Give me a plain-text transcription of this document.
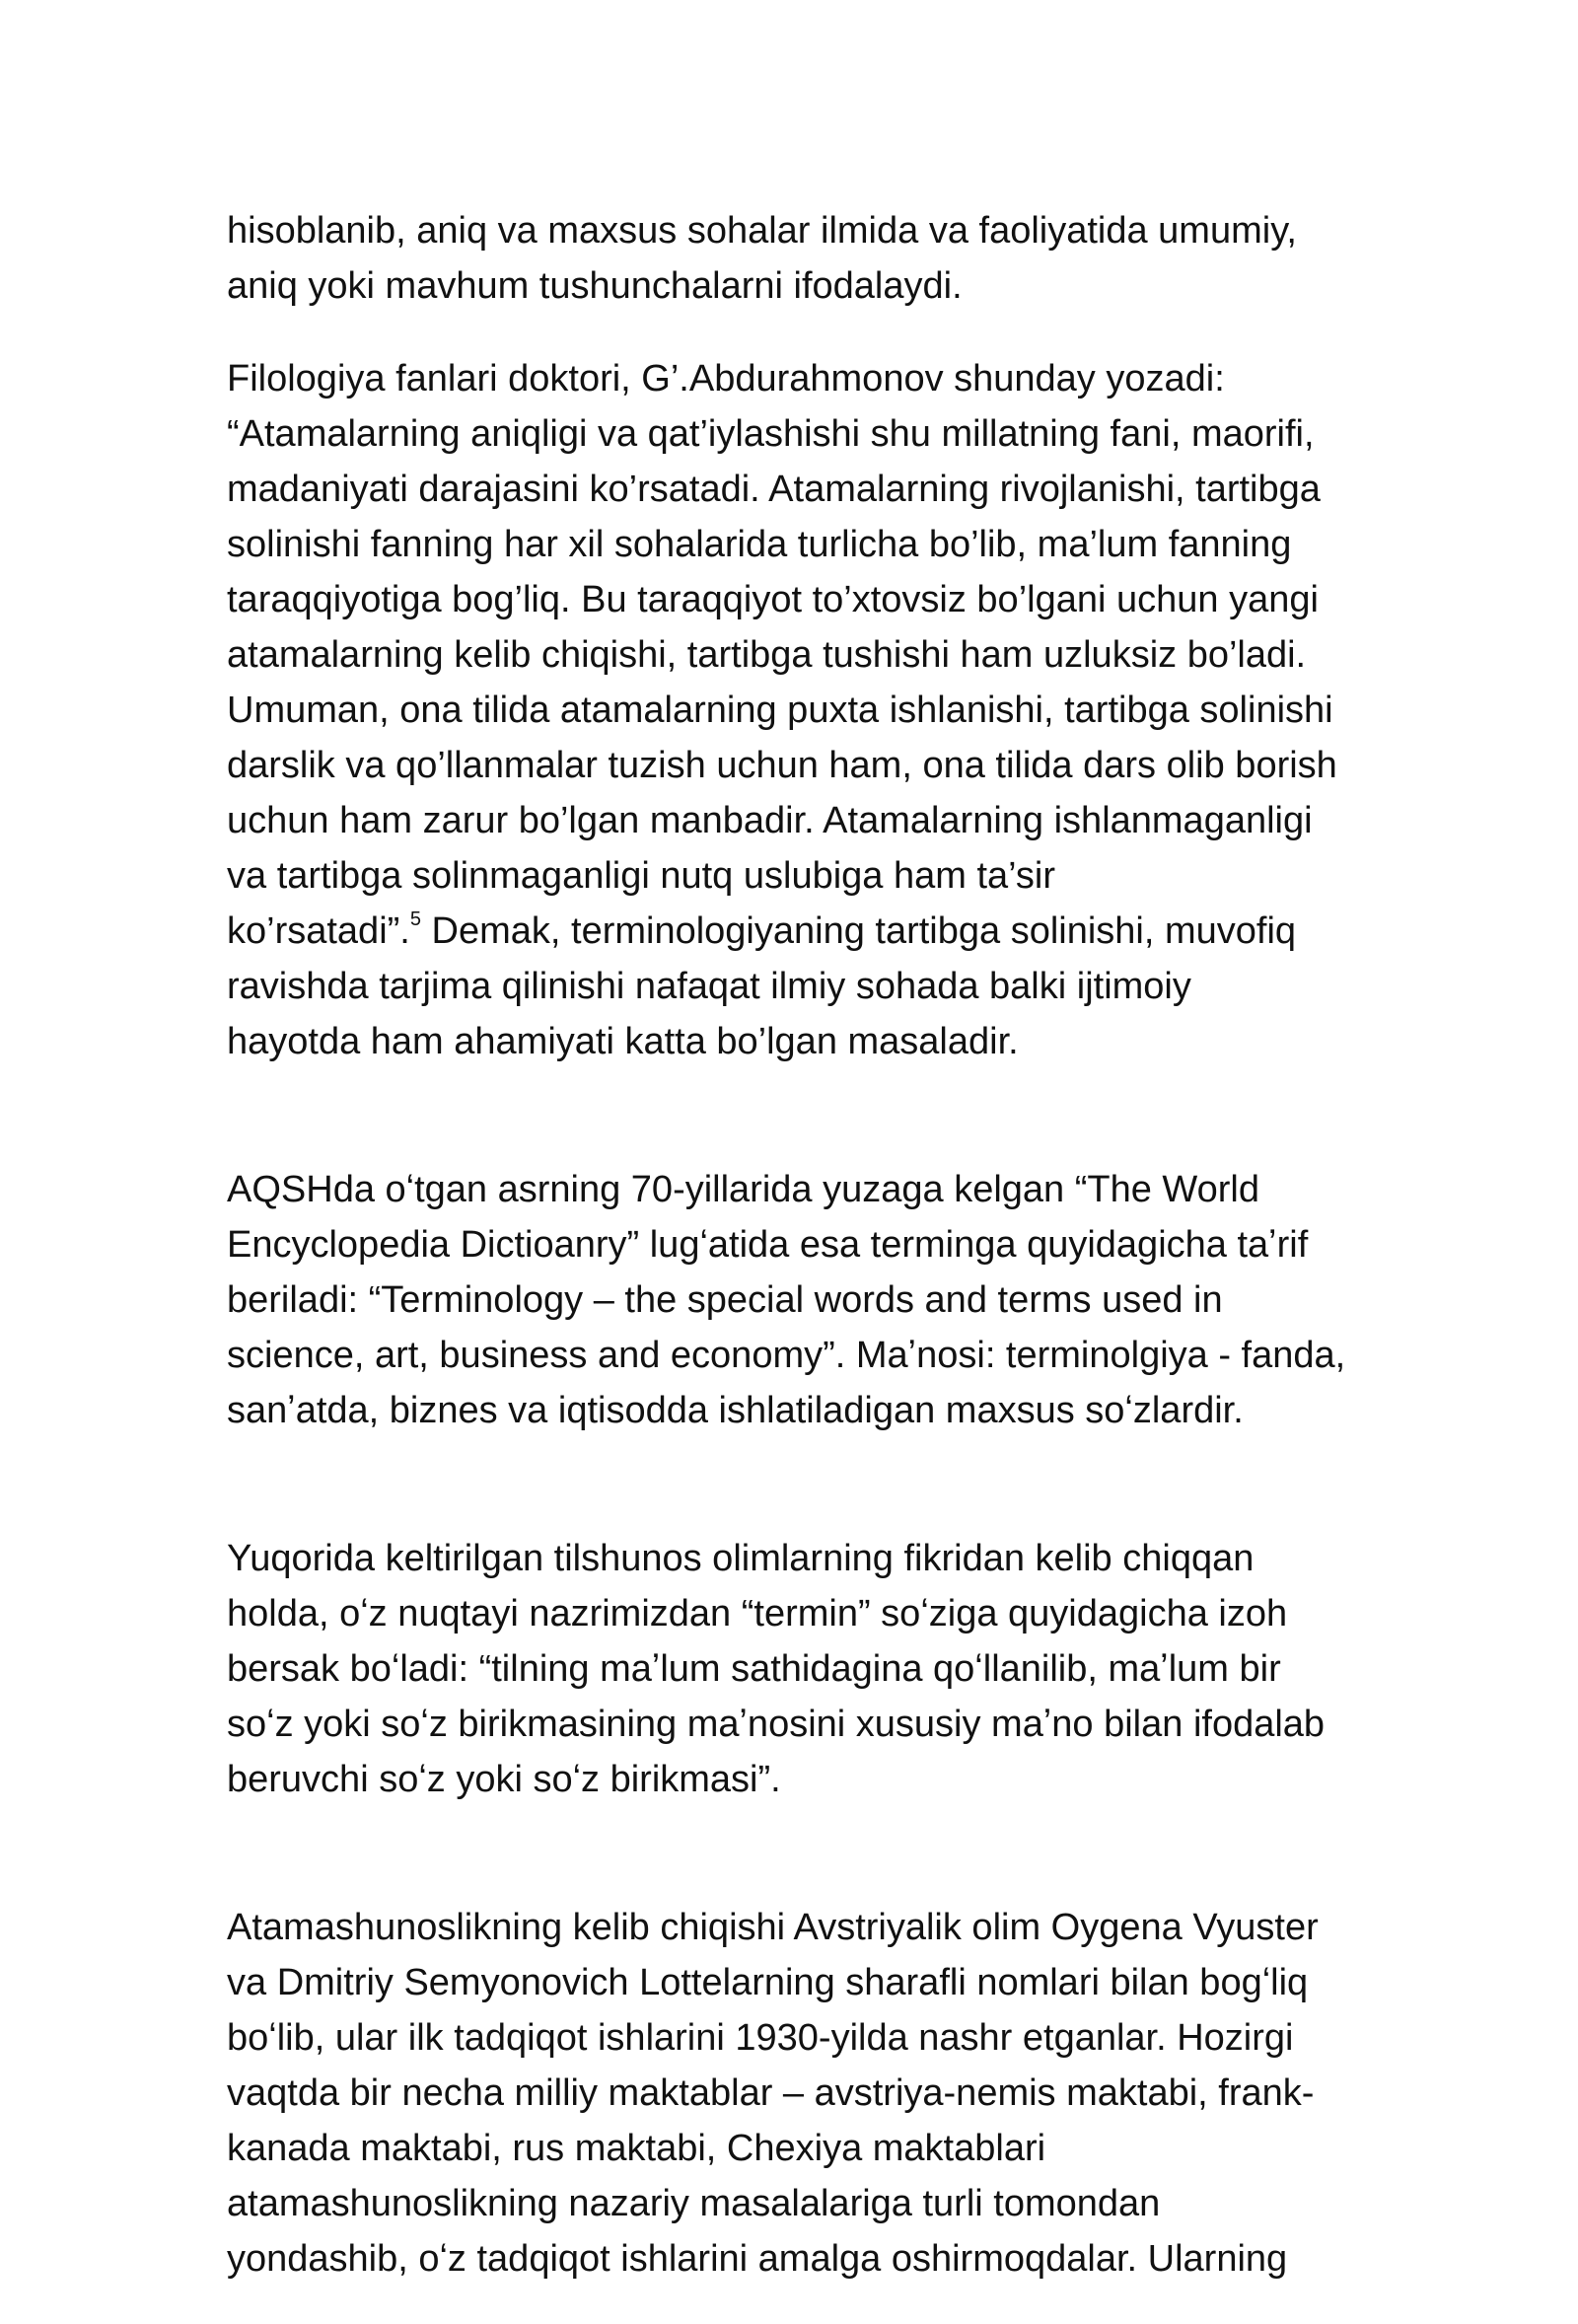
hisoblanib, aniq va maxsus sohalar ilmida va faoliyatida umumiy,
aniq yoki mavhum tushunchalarni ifodalaydi.

Filologiya fanlari doktori, G’.Abdurahmonov shunday yozadi:
“Atamalarning aniqligi va qat’iylashishi shu millatning fani, maorifi,
madaniyati darajasini ko’rsatadi. Atamalarning rivojlanishi, tartibga
solinishi fanning har xil sohalarida turlicha bo’lib, ma’lum fanning
taraqqiyotiga bog’liq. Bu taraqqiyot to’xtovsiz bo’lgani uchun yangi
atamalarning kelib chiqishi, tartibga tushishi ham uzluksiz bo’ladi.
Umuman, ona tilida atamalarning puxta ishlanishi, tartibga solinishi
darslik va qo’llanmalar tuzish uchun ham, ona tilida dars olib borish
uchun ham zarur bo’lgan manbadir. Atamalarning ishlanmaganligi
va tartibga solinmaganligi nutq uslubiga ham ta’sir
ko’rsatadi”.$^5$ Demak, terminologiyaning tartibga solinishi, muvofiq
ravishda tarjima qilinishi nafaqat ilmiy sohada balki ijtimoiy
hayotda ham ahamiyati katta bo’lgan masaladir.

AQSHda oʻtgan asrning 70-yillarida yuzaga kelgan “The World
Encyclopedia Dictioanry” lugʻatida esa terminga quyidagicha taʼrif
beriladi: “Terminology – the special words and terms used in
science, art, business and economy”. Maʼnosi: terminolgiya - fanda,
sanʼatda, biznes va iqtisodda ishlatiladigan maxsus soʻzlardir.

Yuqorida keltirilgan tilshunos olimlarning fikridan kelib chiqqan
holda, oʻz nuqtayi nazrimizdan “termin” soʻziga quyidagicha izoh
bersak boʻladi: “tilning maʼlum sathidagina qoʻllanilib, maʼlum bir
soʻz yoki soʻz birikmasining maʼnosini xususiy maʼno bilan ifodalab
beruvchi soʻz yoki soʻz birikmasi”.

Atamashunoslikning kelib chiqishi Avstriyalik olim Oygena Vyuster
va Dmitriy Semyonovich Lottelarning sharafli nomlari bilan bogʻliq
boʻlib, ular ilk tadqiqot ishlarini 1930-yilda nashr etganlar. Hozirgi
vaqtda bir necha milliy maktablar – avstriya-nemis maktabi, frank-
kanada maktabi, rus maktabi, Chexiya maktablari
atamashunoslikning nazariy masalalariga turli tomondan
yondashib, oʻz tadqiqot ishlarini amalga oshirmoqdalar. Ularning
